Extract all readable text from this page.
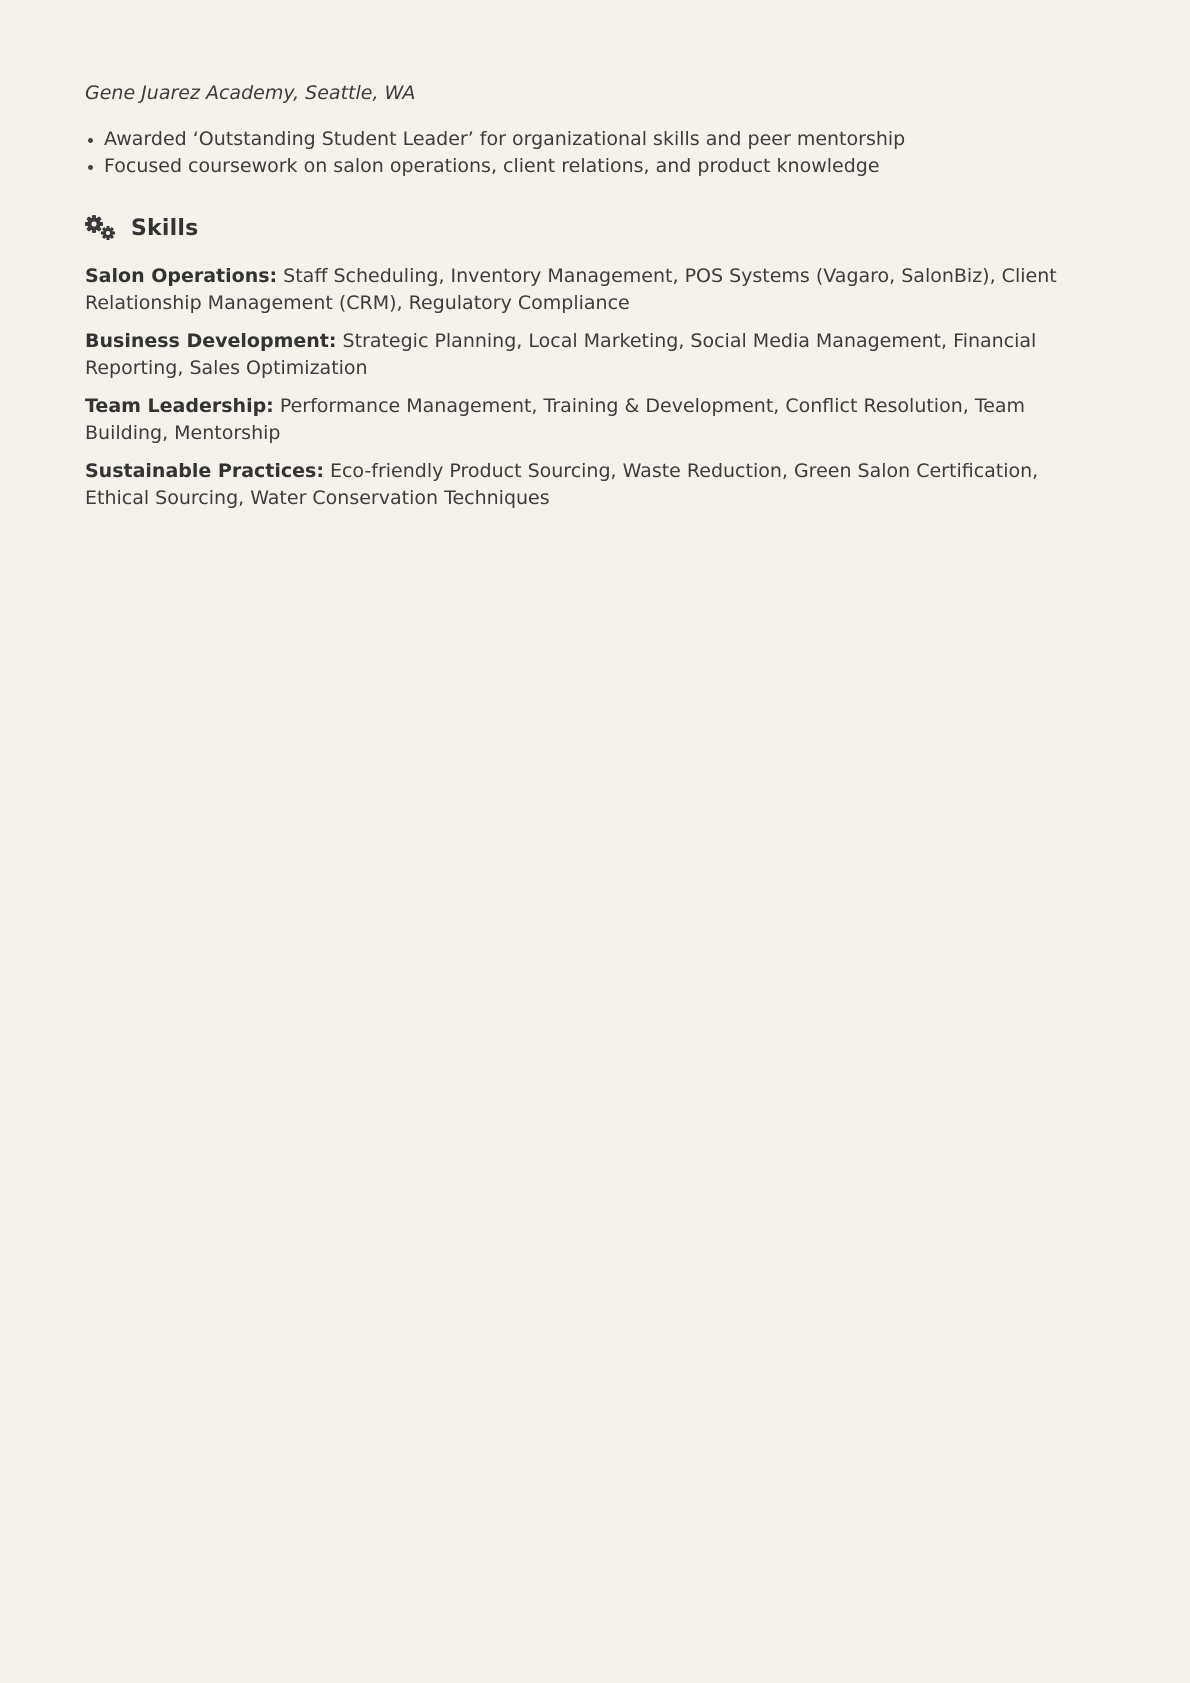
Gene Juarez Academy, Seattle, WA

Awarded ‘Outstanding Student Leader’ for organizational skills and peer mentorship
Focused coursework on salon operations, client relations, and product knowledge
Skills

Salon Operations: Staff Scheduling, Inventory Management, POS Systems (Vagaro, SalonBiz), Client Relationship Management (CRM), Regulatory Compliance

Business Development: Strategic Planning, Local Marketing, Social Media Management, Financial Reporting, Sales Optimization

Team Leadership: Performance Management, Training & Development, Conflict Resolution, Team Building, Mentorship

Sustainable Practices: Eco-friendly Product Sourcing, Waste Reduction, Green Salon Certification, Ethical Sourcing, Water Conservation Techniques
